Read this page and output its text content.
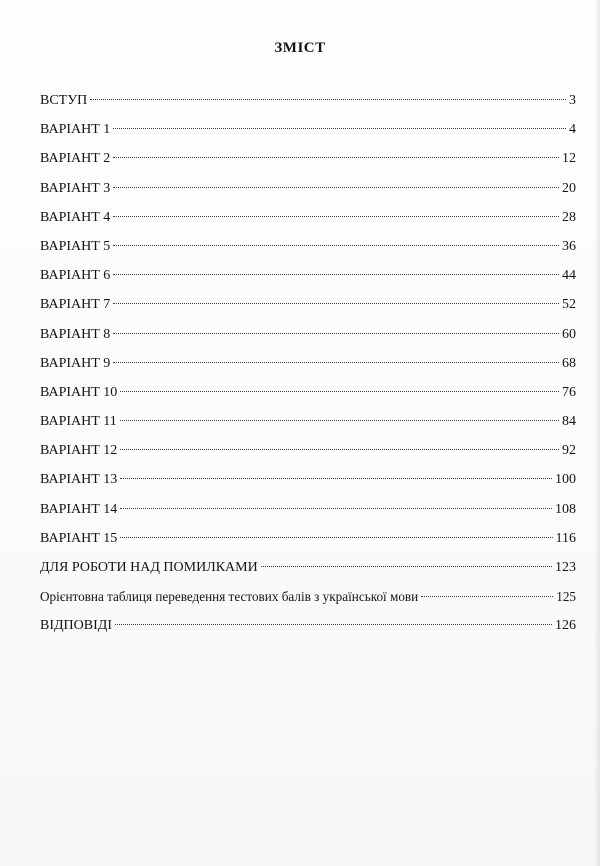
ЗМІСТ
ВСТУП	3
ВАРІАНТ 1	4
ВАРІАНТ 2	12
ВАРІАНТ 3	20
ВАРІАНТ 4	28
ВАРІАНТ 5	36
ВАРІАНТ 6	44
ВАРІАНТ 7	52
ВАРІАНТ 8	60
ВАРІАНТ 9	68
ВАРІАНТ 10	76
ВАРІАНТ 11	84
ВАРІАНТ 12	92
ВАРІАНТ 13	100
ВАРІАНТ 14	108
ВАРІАНТ 15	116
ДЛЯ РОБОТИ НАД ПОМИЛКАМИ	123
Орієнтовна таблиця переведення тестових балів з української мови	125
ВІДПОВІДІ	126
